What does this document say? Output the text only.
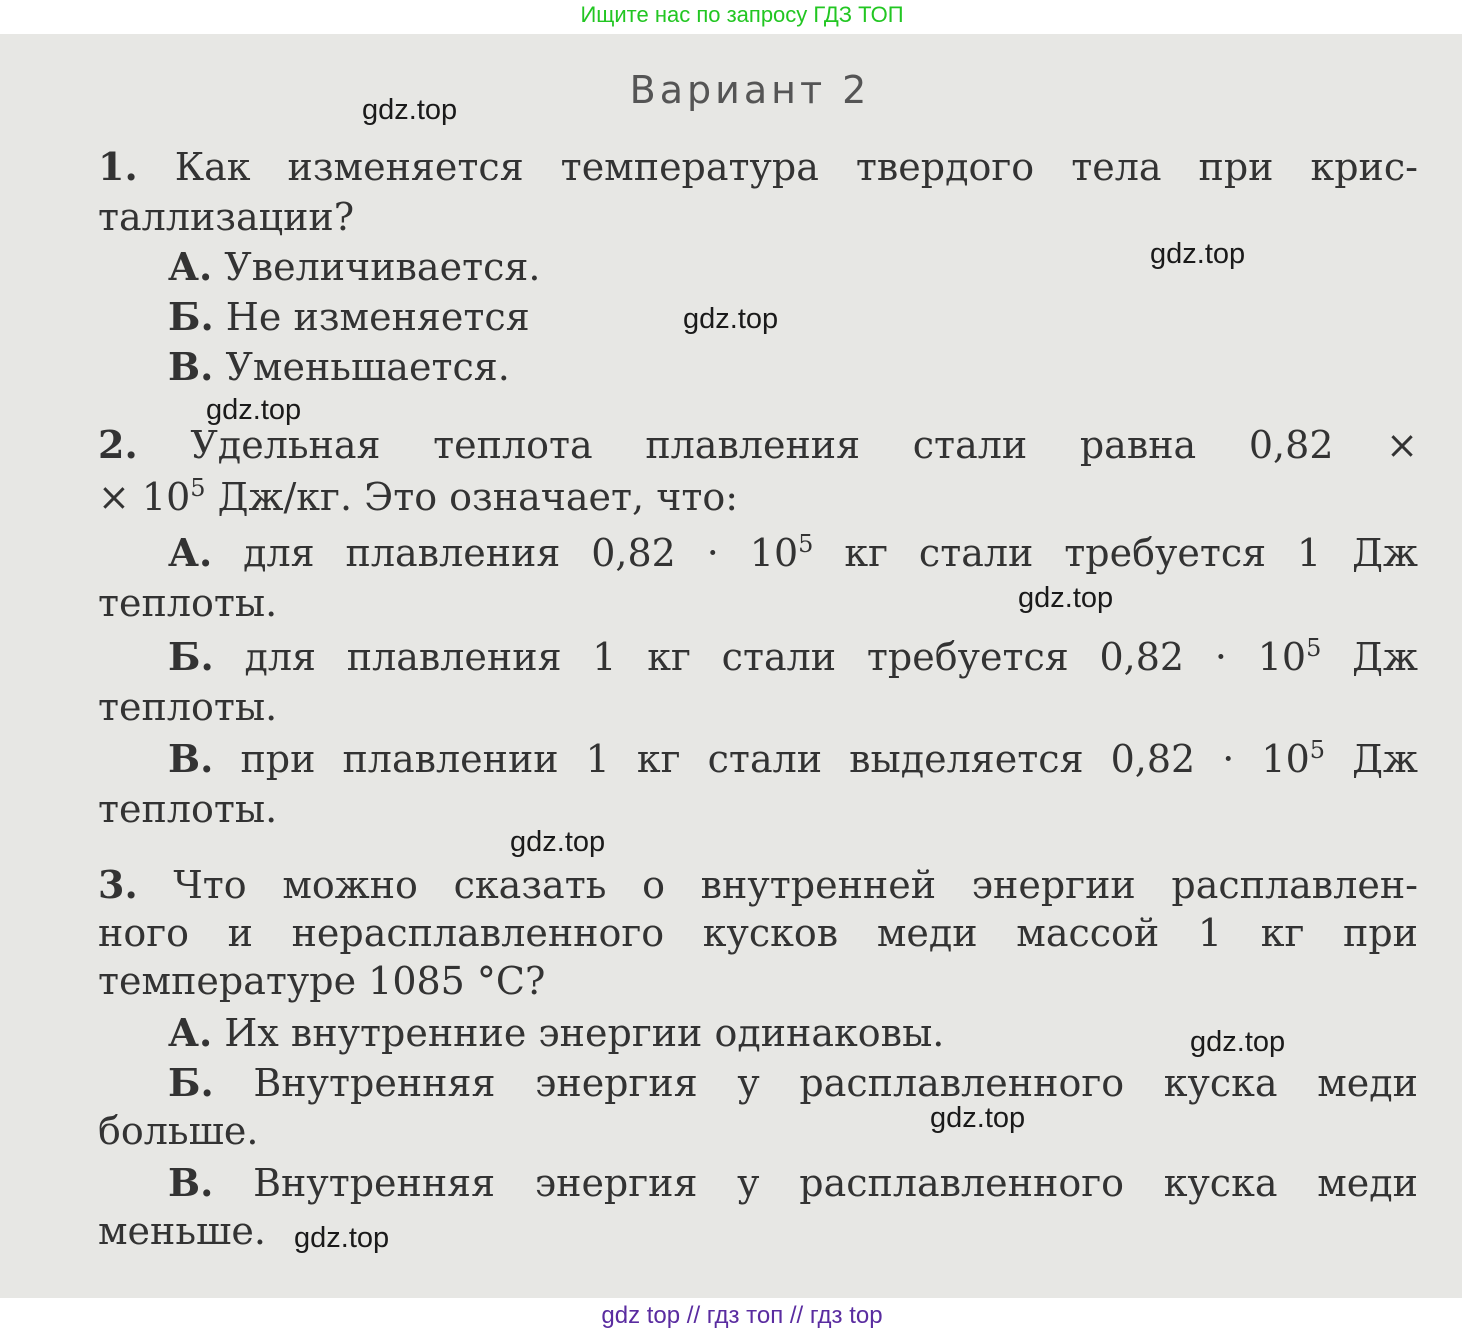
Ищите нас по запросу ГДЗ ТОП
Вариант 2
1. Как изменяется температура твердого тела при крис-
таллизации?
А. Увеличивается.
Б. Не изменяется
В. Уменьшается.
2. Удельная теплота плавления стали равна 0,82 ×
× $10^5$ Дж/кг. Это означает, что:
А. для плавления $0,82 \cdot 10^5$ кг стали требуется 1 Дж
теплоты.
Б. для плавления 1 кг стали требуется $0,82 \cdot 10^5$ Дж
теплоты.
В. при плавлении 1 кг стали выделяется $0,82 \cdot 10^5$ Дж
теплоты.
3. Что можно сказать о внутренней энергии расплавлен-
ного и нерасплавленного кусков меди массой 1 кг при
температуре 1085 °С?
А. Их внутренние энергии одинаковы.
Б. Внутренняя энергия у расплавленного куска меди
больше.
В. Внутренняя энергия у расплавленного куска меди
меньше.
gdz.top
gdz.top
gdz.top
gdz.top
gdz.top
gdz.top
gdz.top
gdz.top
gdz.top
gdz top // гдз топ // гдз top
